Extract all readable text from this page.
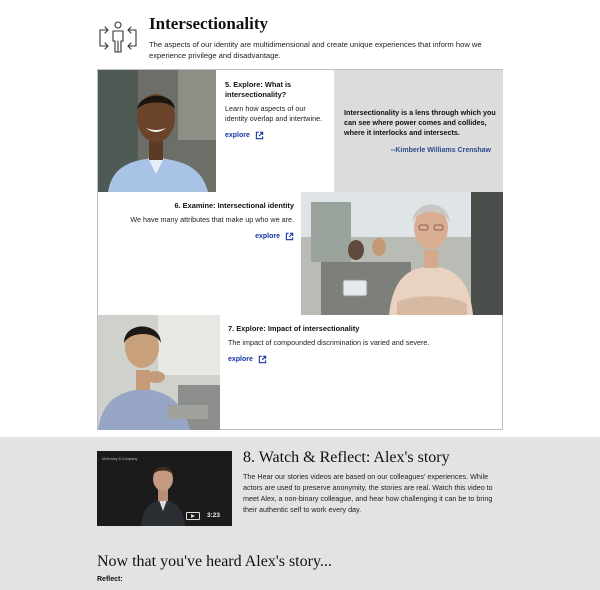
Intersectionality
The aspects of our identity are multidimensional and create unique experiences that inform how we experience privilege and disadvantage.
5. Explore: What is intersectionality?
Learn how aspects of our identity overlap and intertwine.
explore
Intersectionality is a lens through which you can see where power comes and collides, where it interlocks and intersects.
--Kimberle Williams Crenshaw
6. Examine: Intersectional identity
We have many attributes that make up who we are.
explore
7. Explore: Impact of intersectionality
The impact of compounded discrimination is varied and severe.
explore
McKinsey & Company
3:23
8. Watch & Reflect: Alex's story
The Hear our stories videos are based on our colleagues' experiences. While actors are used to preserve anonymity, the stories are real. Watch this video to meet Alex, a non-binary colleague, and hear how challenging it can be to bring their authentic self to work every day.
Now that you've heard Alex's story...
Reflect:
